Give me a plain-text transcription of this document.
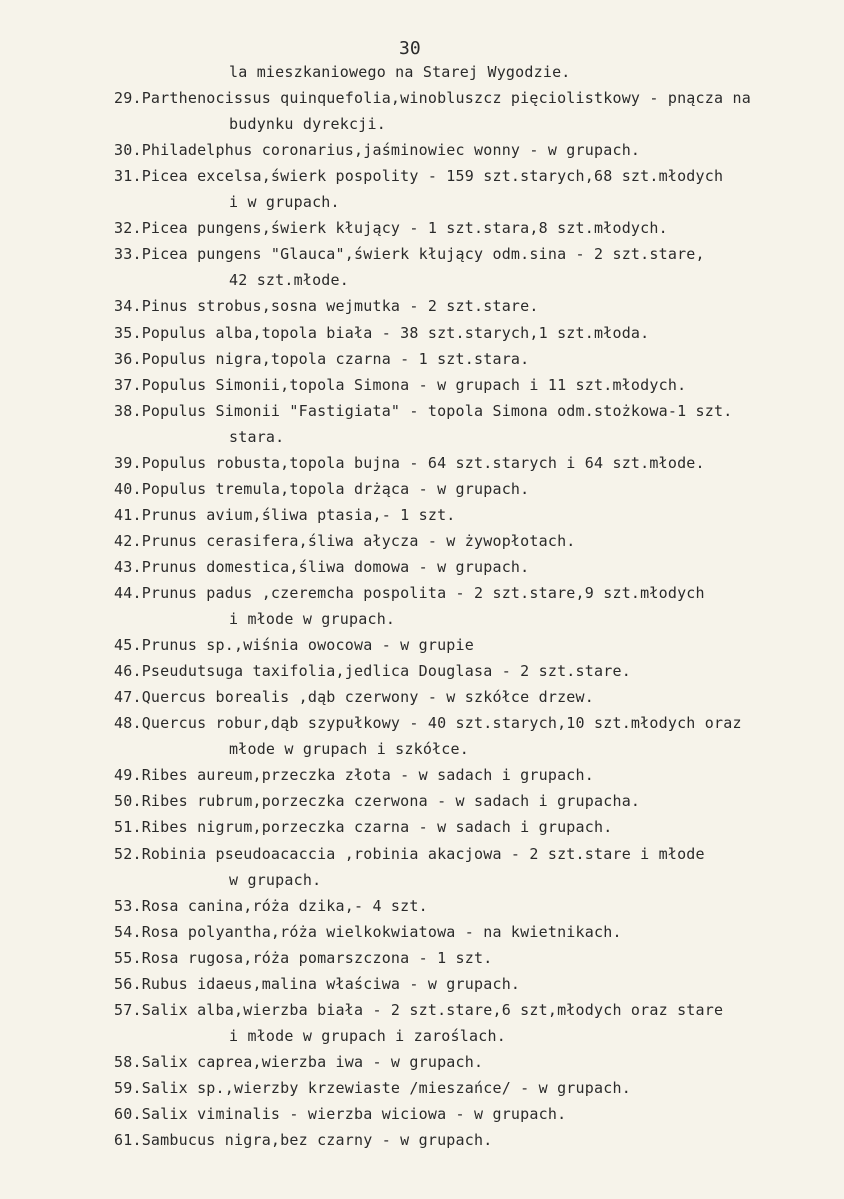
30
la mieszkaniowego na Starej Wygodzie.
29.Parthenocissus quinquefolia,winobluszcz pięciolistkowy - pnącza na
budynku dyrekcji.
30.Philadelphus coronarius,jaśminowiec wonny - w grupach.
31.Picea excelsa,świerk pospolity - 159 szt.starych,68 szt.młodych
i w grupach.
32.Picea pungens,świerk kłujący - 1 szt.stara,8 szt.młodych.
33.Picea pungens "Glauca",świerk kłujący odm.sina - 2 szt.stare,
42 szt.młode.
34.Pinus strobus,sosna wejmutka - 2 szt.stare.
35.Populus alba,topola biała - 38 szt.starych,1 szt.młoda.
36.Populus nigra,topola czarna - 1 szt.stara.
37.Populus Simonii,topola Simona - w grupach i 11 szt.młodych.
38.Populus Simonii "Fastigiata" - topola Simona odm.stożkowa-1 szt.
stara.
39.Populus robusta,topola bujna - 64 szt.starych i 64 szt.młode.
40.Populus tremula,topola drżąca - w grupach.
41.Prunus avium,śliwa ptasia,- 1 szt.
42.Prunus cerasifera,śliwa ałycza - w żywopłotach.
43.Prunus domestica,śliwa domowa - w grupach.
44.Prunus padus ,czeremcha pospolita - 2 szt.stare,9 szt.młodych
i młode w grupach.
45.Prunus sp.,wiśnia owocowa - w grupie
46.Pseudutsuga taxifolia,jedlica Douglasa - 2 szt.stare.
47.Quercus borealis ,dąb czerwony - w szkółce drzew.
48.Quercus robur,dąb szypułkowy - 40 szt.starych,10 szt.młodych oraz
młode w grupach i szkółce.
49.Ribes aureum,przeczka złota - w sadach i grupach.
50.Ribes rubrum,porzeczka czerwona - w sadach i grupacha.
51.Ribes nigrum,porzeczka czarna - w sadach i grupach.
52.Robinia pseudoacaccia ,robinia akacjowa - 2 szt.stare i młode
w grupach.
53.Rosa canina,róża dzika,- 4 szt.
54.Rosa polyantha,róża wielkokwiatowa - na kwietnikach.
55.Rosa rugosa,róża pomarszczona - 1 szt.
56.Rubus idaeus,malina właściwa - w grupach.
57.Salix alba,wierzba biała - 2 szt.stare,6 szt,młodych oraz stare
i młode w grupach i zaroślach.
58.Salix caprea,wierzba iwa - w grupach.
59.Salix sp.,wierzby krzewiaste /mieszańce/ - w grupach.
60.Salix viminalis - wierzba wiciowa - w grupach.
61.Sambucus nigra,bez czarny - w grupach.
